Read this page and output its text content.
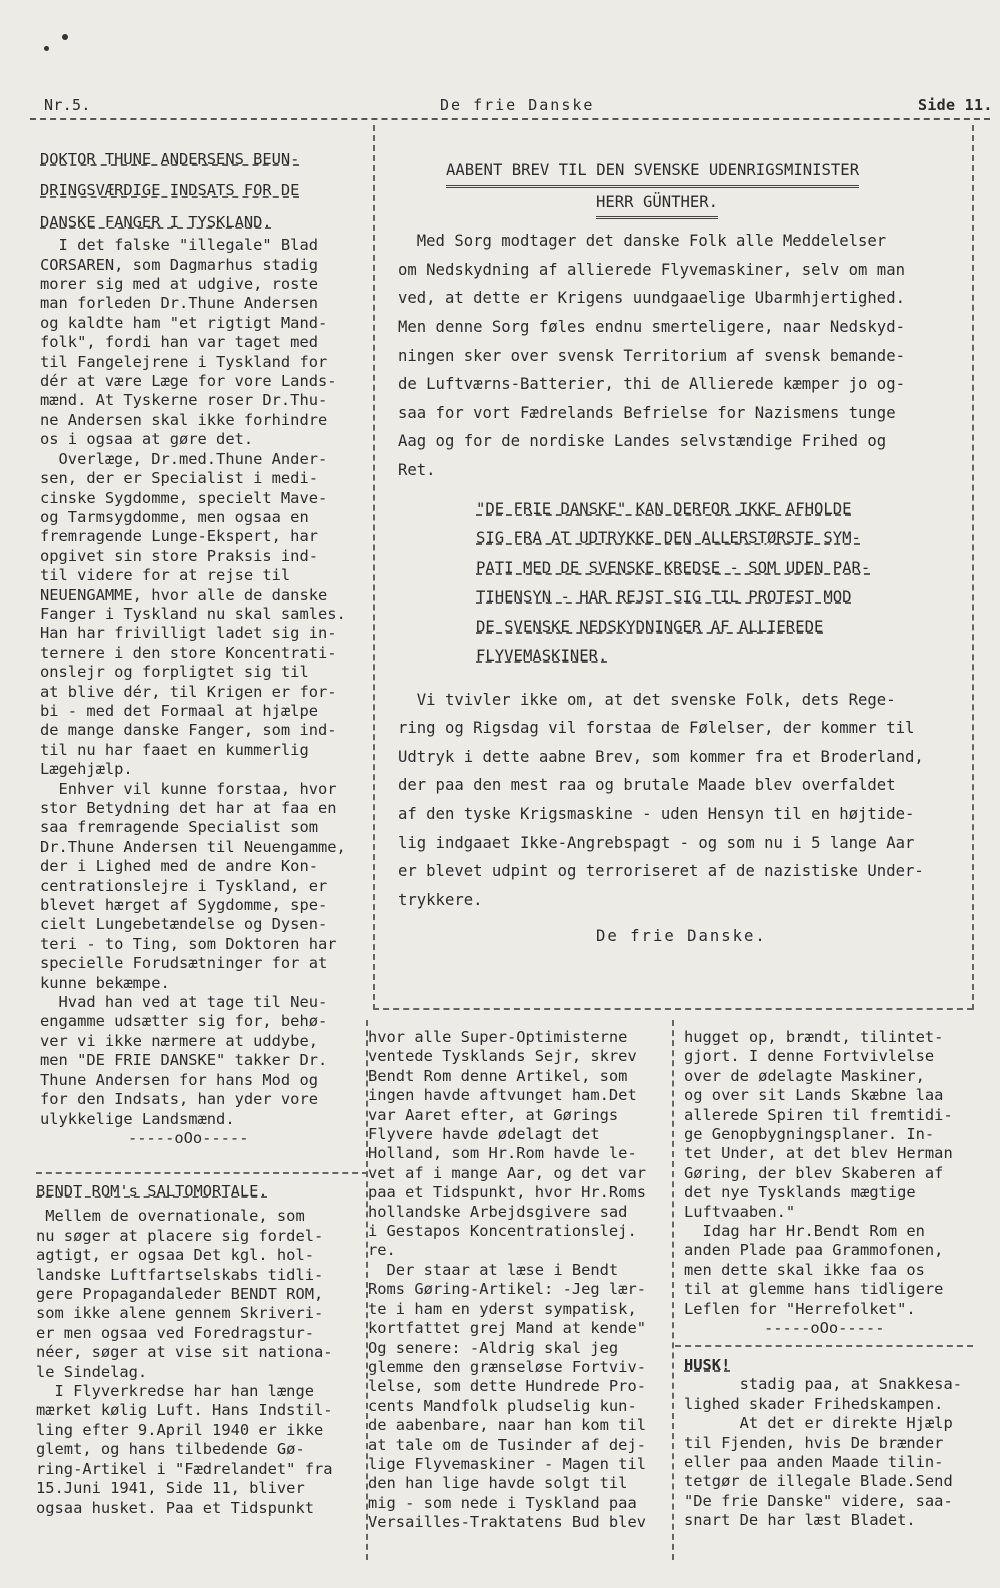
Nr.5.	De frie Danske	Side 11.

DOKTOR THUNE ANDERSENS BEUN-

DRINGSVÆRDIGE INDSATS FOR DE

DANSKE FANGER I TYSKLAND.

I det falske "illegale" Blad

CORSAREN, som Dagmarhus stadig

morer sig med at udgive, roste

man forleden Dr.Thune Andersen

og kaldte ham "et rigtigt Mand-

folk", fordi han var taget med

til Fangelejrene i Tyskland for

dér at være Læge for vore Lands-

mænd. At Tyskerne roser Dr.Thu-

ne Andersen skal ikke forhindre

os i ogsaa at gøre det.

Overlæge, Dr.med.Thune Ander-

sen, der er Specialist i medi-

cinske Sygdomme, specielt Mave-

og Tarmsygdomme, men ogsaa en

fremragende Lunge-Ekspert, har

opgivet sin store Praksis ind-

til videre for at rejse til

NEUENGAMME, hvor alle de danske

Fanger i Tyskland nu skal samles.

Han har frivilligt ladet sig in-

ternere i den store Koncentrati-

onslejr og forpligtet sig til

at blive dér, til Krigen er for-

bi - med det Formaal at hjælpe

de mange danske Fanger, som ind-

til nu har faaet en kummerlig

Lægehjælp.

Enhver vil kunne forstaa, hvor

stor Betydning det har at faa en

saa fremragende Specialist som

Dr.Thune Andersen til Neuengamme,

der i Lighed med de andre Kon-

centrationslejre i Tyskland, er

blevet hærget af Sygdomme, spe-

cielt Lungebetændelse og Dysen-

teri - to Ting, som Doktoren har

specielle Forudsætninger for at

kunne bekæmpe.

Hvad han ved at tage til Neu-

engamme udsætter sig for, behø-

ver vi ikke nærmere at uddybe,

men "DE FRIE DANSKE" takker Dr.

Thune Andersen for hans Mod og

for den Indsats, han yder vore

ulykkelige Landsmænd.

-----oOo-----

BENDT ROM's SALTOMORTALE.

Mellem de overnationale, som

nu søger at placere sig fordel-

agtigt, er ogsaa Det kgl. hol-

landske Luftfartselskabs tidli-

gere Propagandaleder BENDT ROM,

som ikke alene gennem Skriveri-

er men ogsaa ved Foredragstur-

néer, søger at vise sit nationa-

le Sindelag.

I Flyverkredse har han længe

mærket kølig Luft. Hans Indstil-

ling efter 9.April 1940 er ikke

glemt, og hans tilbedende Gø-

ring-Artikel i "Fædrelandet" fra

15.Juni 1941, Side 11, bliver

ogsaa husket. Paa et Tidspunkt

hvor alle Super-Optimisterne

ventede Tysklands Sejr, skrev

Bendt Rom denne Artikel, som

ingen havde aftvunget ham.Det

var Aaret efter, at Gørings

Flyvere havde ødelagt det

Holland, som Hr.Rom havde le-

vet af i mange Aar, og det var

paa et Tidspunkt, hvor Hr.Roms

hollandske Arbejdsgivere sad

i Gestapos Koncentrationslej.

re.

Der staar at læse i Bendt

Roms Gøring-Artikel: -Jeg lær-

te i ham en yderst sympatisk,

kortfattet grej Mand at kende"

Og senere: -Aldrig skal jeg

glemme den grænseløse Fortviv-

lelse, som dette Hundrede Pro-

cents Mandfolk pludselig kun-

de aabenbare, naar han kom til

at tale om de Tusinder af dej-

lige Flyvemaskiner - Magen til

den han lige havde solgt til

mig - som nede i Tyskland paa

Versailles-Traktatens Bud blev

hugget op, brændt, tilintet-

gjort. I denne Fortvivlelse

over de ødelagte Maskiner,

og over sit Lands Skæbne laa

allerede Spiren til fremtidi-

ge Genopbygningsplaner. In-

tet Under, at det blev Herman

Gøring, der blev Skaberen af

det nye Tysklands mægtige

Luftvaaben."

Idag har Hr.Bendt Rom en

anden Plade paa Grammofonen,

men dette skal ikke faa os

til at glemme hans tidligere

Leflen for "Herrefolket".

-----oOo-----

HUSK!

stadig paa, at Snakkesa-

lighed skader Frihedskampen.

At det er direkte Hjælp

til Fjenden, hvis De brænder

eller paa anden Maade tilin-

tetgør de illegale Blade.Send

"De frie Danske" videre, saa-

snart De har læst Bladet.

AABENT BREV TIL DEN SVENSKE UDENRIGSMINISTER

HERR GÜNTHER.

Med Sorg modtager det danske Folk alle Meddelelser

om Nedskydning af allierede Flyvemaskiner, selv om man

ved, at dette er Krigens uundgaaelige Ubarmhjertighed.

Men denne Sorg føles endnu smerteligere, naar Nedskyd-

ningen sker over svensk Territorium af svensk bemande-

de Luftværns-Batterier, thi de Allierede kæmper jo og-

saa for vort Fædrelands Befrielse for Nazismens tunge

Aag og for de nordiske Landes selvstændige Frihed og

Ret.

"DE FRIE DANSKE" KAN DERFOR IKKE AFHOLDE

SIG FRA AT UDTRYKKE DEN ALLERSTØRSTE SYM-

PATI MED DE SVENSKE KREDSE - SOM UDEN PAR-

TIHENSYN - HAR REJST SIG TIL PROTEST MOD

DE SVENSKE NEDSKYDNINGER AF ALLIEREDE

FLYVEMASKINER.

Vi tvivler ikke om, at det svenske Folk, dets Rege-

ring og Rigsdag vil forstaa de Følelser, der kommer til

Udtryk i dette aabne Brev, som kommer fra et Broderland,

der paa den mest raa og brutale Maade blev overfaldet

af den tyske Krigsmaskine - uden Hensyn til en højtide-

lig indgaaet Ikke-Angrebspagt - og som nu i 5 lange Aar

er blevet udpint og terroriseret af de nazistiske Under-

trykkere.

De frie Danske.
